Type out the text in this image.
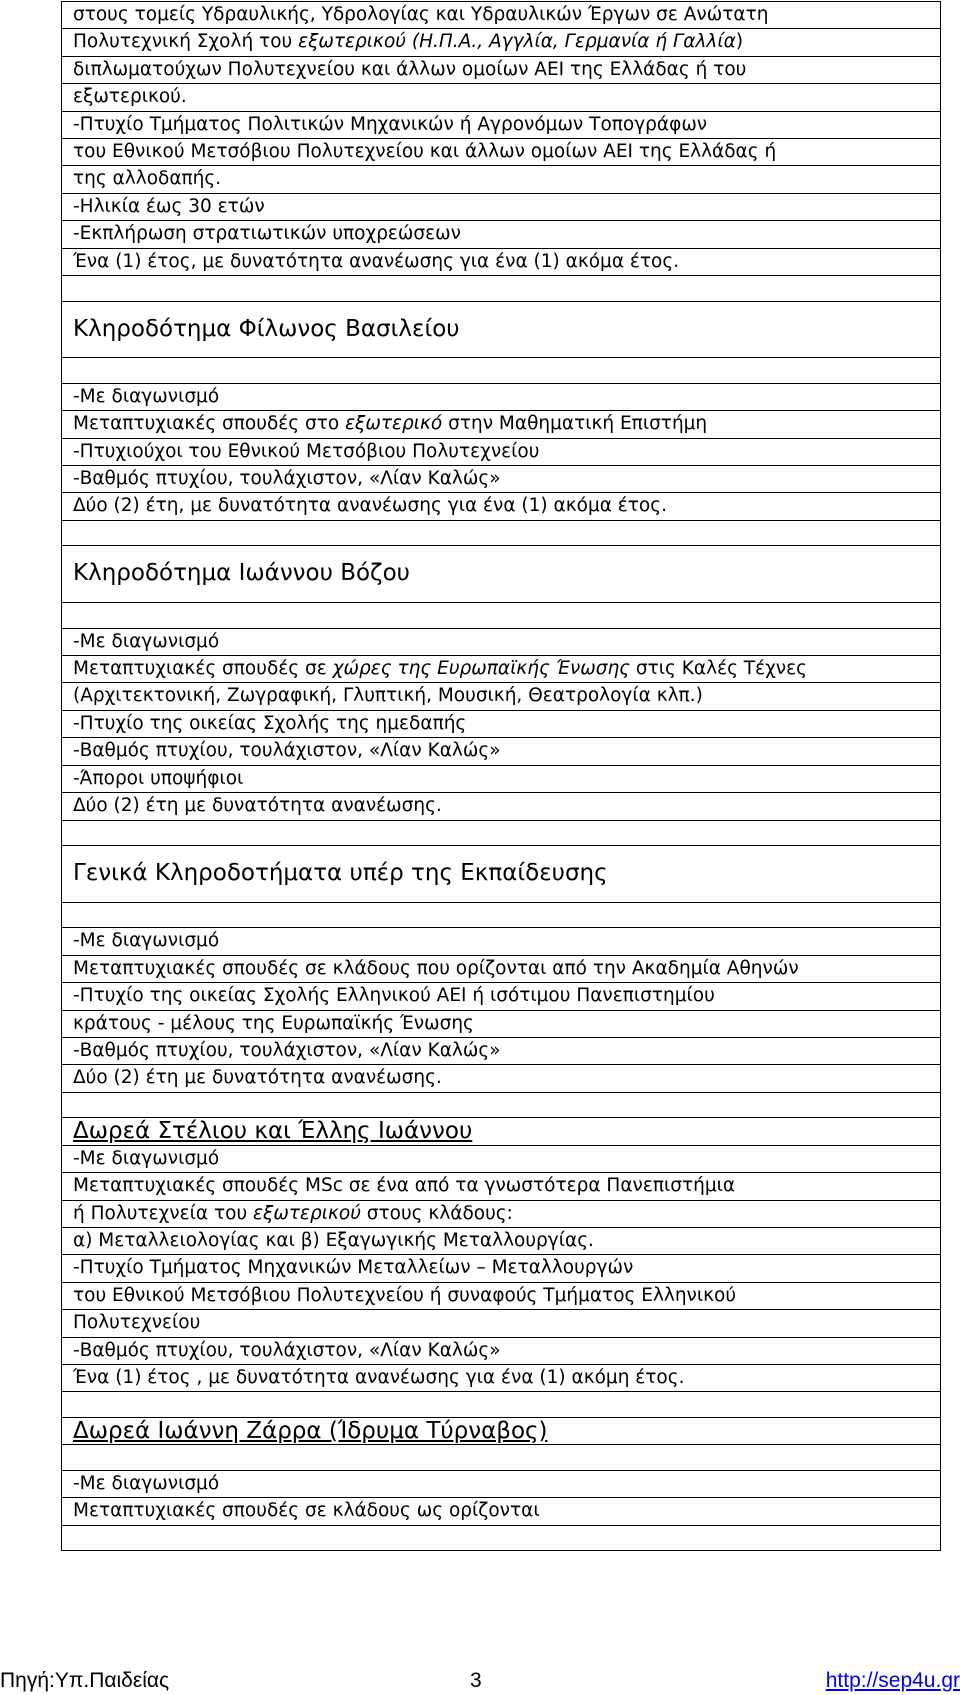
στους τομείς Υδραυλικής, Υδρολογίας και Υδραυλικών Έργων σε Ανώτατη
Πολυτεχνική Σχολή του εξωτερικού (Η.Π.Α., Αγγλία, Γερμανία ή Γαλλία)
διπλωματούχων Πολυτεχνείου και άλλων ομοίων ΑΕΙ της Ελλάδας ή του
εξωτερικού.
-Πτυχίο Τμήματος Πολιτικών Μηχανικών ή Αγρονόμων Τοπογράφων
του Εθνικού Μετσόβιου Πολυτεχνείου και άλλων ομοίων ΑΕΙ της Ελλάδας ή
της αλλοδαπής.
-Ηλικία έως 30 ετών
-Εκπλήρωση στρατιωτικών υποχρεώσεων
Ένα (1) έτος, με δυνατότητα ανανέωσης για ένα (1) ακόμα έτος.

Κληροδότημα Φίλωνος Βασιλείου

-Με διαγωνισμό
Μεταπτυχιακές σπουδές στο εξωτερικό στην Μαθηματική Επιστήμη
-Πτυχιούχοι του Εθνικού Μετσόβιου Πολυτεχνείου
-Βαθμός πτυχίου, τουλάχιστον, «Λίαν Καλώς»
Δύο (2) έτη, με δυνατότητα ανανέωσης για ένα (1) ακόμα έτος.

Κληροδότημα Ιωάννου Βόζου

-Με διαγωνισμό
Μεταπτυχιακές σπουδές σε χώρες της Ευρωπαϊκής Ένωσης στις Καλές Τέχνες
(Αρχιτεκτονική, Ζωγραφική, Γλυπτική, Μουσική, Θεατρολογία κλπ.)
-Πτυχίο της οικείας Σχολής της ημεδαπής
-Βαθμός πτυχίου, τουλάχιστον, «Λίαν Καλώς»
-Άποροι υποψήφιοι
Δύο (2) έτη με δυνατότητα ανανέωσης.

Γενικά Κληροδοτήματα υπέρ της Εκπαίδευσης

-Με διαγωνισμό
Μεταπτυχιακές σπουδές σε κλάδους που ορίζονται από την Ακαδημία Αθηνών
-Πτυχίο της οικείας Σχολής Ελληνικού ΑΕΙ ή ισότιμου Πανεπιστημίου
κράτους - μέλους της Ευρωπαϊκής Ένωσης
-Βαθμός πτυχίου, τουλάχιστον, «Λίαν Καλώς»
Δύο (2) έτη με δυνατότητα ανανέωσης.

Δωρεά Στέλιου και Έλλης Ιωάννου
-Με διαγωνισμό
Μεταπτυχιακές σπουδές MSc σε ένα από τα γνωστότερα Πανεπιστήμια
ή Πολυτεχνεία του εξωτερικού στους κλάδους:
α) Μεταλλειολογίας και β) Εξαγωγικής Μεταλλουργίας.
-Πτυχίο Τμήματος Μηχανικών Μεταλλείων – Μεταλλουργών
του Εθνικού Μετσόβιου Πολυτεχνείου ή συναφούς Τμήματος Ελληνικού
Πολυτεχνείου
-Βαθμός πτυχίου, τουλάχιστον, «Λίαν Καλώς»
Ένα (1) έτος , με δυνατότητα ανανέωσης για ένα (1) ακόμη έτος.

Δωρεά Ιωάννη Ζάρρα (Ίδρυμα Τύρναβος)

-Με διαγωνισμό
Μεταπτυχιακές σπουδές σε κλάδους ως ορίζονται

Πηγή:Υπ.Παιδείας	3	http://sep4u.gr
